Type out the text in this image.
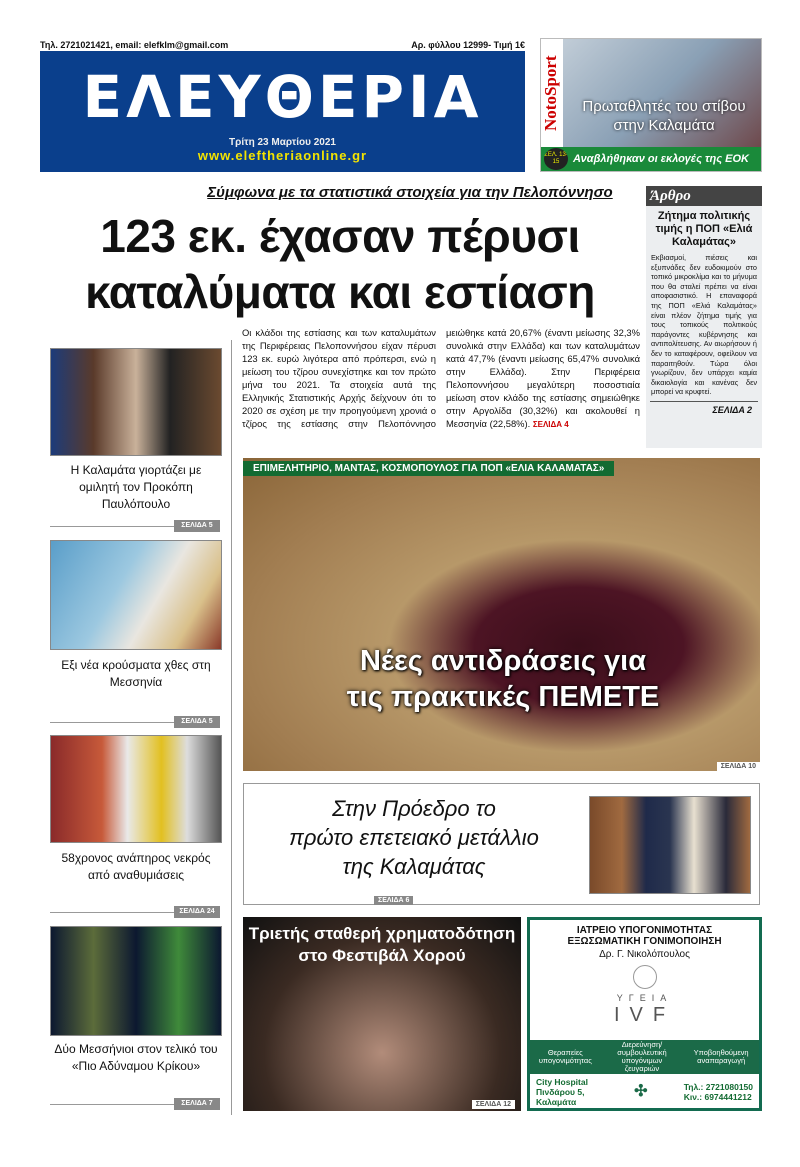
Τηλ. 2721021421, email: elefklm@gmail.com	Αρ. φύλλου 12999- Τιμή 1€
ΕΛΕΥΘΕΡΙΑ
Τρίτη 23 Μαρτίου 2021
www.eleftheriaonline.gr
NotoSport	Πρωταθλητές του στίβου στην Καλαμάτα
Αναβλήθηκαν οι εκλογές της ΕΟΚ
ΣΕΛ. 13-15
Σύμφωνα με τα στατιστικά στοιχεία για την Πελοπόννησο
123 εκ. έχασαν πέρυσι
καταλύματα και εστίαση
Άρθρο
Ζήτημα πολιτικής τιμής η ΠΟΠ «Ελιά Καλαμάτας»
Εκβιασμοί, πιέσεις και εξυπνάδες δεν ευδοκιμούν στο τοπικό μικροκλίμα και το μήνυμα που θα σταλεί πρέπει να είναι αποφασιστικό. Η επαναφορά της ΠΟΠ «Ελιά Καλαμάτας» είναι πλέον ζήτημα τιμής για τους τοπικούς πολιτικούς παράγοντες κυβέρνησης και αντιπολίτευσης. Αν αιωρήσουν ή δεν το καταφέρουν, οφείλουν να παραιτηθούν. Τώρα όλοι γνωρίζουν, δεν υπάρχει καμία δικαιολογία και κανένας δεν μπορεί να κρυφτεί.
ΣΕΛΙΔΑ 2
Οι κλάδοι της εστίασης και των καταλυμάτων της Περιφέρειας Πελοποννήσου είχαν πέρυσι 123 εκ. ευρώ λιγότερα από πρόπερσι, ενώ η μείωση του τζίρου συνεχίστηκε και τον πρώτο μήνα του 2021. Τα στοιχεία αυτά της Ελληνικής Στατιστικής Αρχής δείχνουν ότι το 2020 σε σχέση με την προηγούμενη χρονιά ο τζίρος της εστίασης στην Πελοπόννησο μειώθηκε κατά 20,67% (έναντι μείωσης 32,3% συνολικά στην Ελλάδα) και των καταλυμάτων κατά 47,7% (έναντι μείωσης 65,47% συνολικά στην Ελλάδα). Στην Περιφέρεια Πελοποννήσου μεγαλύτερη ποσοστιαία μείωση στον κλάδο της εστίασης σημειώθηκε στην Αργολίδα (30,32%) και ακολουθεί η Μεσσηνία (22,58%). ΣΕΛΙΔΑ 4
Η Καλαμάτα γιορτάζει με ομιλητή τον Προκόπη Παυλόπουλο
ΣΕΛΙΔΑ 5
Εξι νέα κρούσματα χθες στη Μεσσηνία
ΣΕΛΙΔΑ 5
58χρονος ανάπηρος νεκρός από αναθυμιάσεις
ΣΕΛΙΔΑ 24
Δύο Μεσσήνιοι στον τελικό του «Πιο Αδύναμου Κρίκου»
ΣΕΛΙΔΑ 7
ΕΠΙΜΕΛΗΤΗΡΙΟ, ΜΑΝΤΑΣ, ΚΟΣΜΟΠΟΥΛΟΣ ΓΙΑ ΠΟΠ «ΕΛΙΑ ΚΑΛΑΜΑΤΑΣ»
Νέες αντιδράσεις για
τις πρακτικές ΠΕΜΕΤΕ
ΣΕΛΙΔΑ 10
Στην Πρόεδρο το
πρώτο επετειακό μετάλλιο
της Καλαμάτας
ΣΕΛΙΔΑ 6
Τριετής σταθερή χρηματοδότηση
στο Φεστιβάλ Χορού
ΣΕΛΙΔΑ 12
ΙΑΤΡΕΙΟ ΥΠΟΓΟΝΙΜΟΤΗΤΑΣ
ΕΞΩΣΩΜΑΤΙΚΗ ΓΟΝΙΜΟΠΟΙΗΣΗ
Δρ. Γ. Νικολόπουλος
ΥΓΕΙΑ
IVF
Θεραπείες υπογονιμότητας
Διερεύνηση/ συμβουλευτική υπογόνιμων ζευγαριών
Υποβοηθούμενη αναπαραγωγή
City Hospital Πινδάρου 5, Καλαμάτα
✣	Τηλ.: 2721080150
Κιν.: 6974441212
